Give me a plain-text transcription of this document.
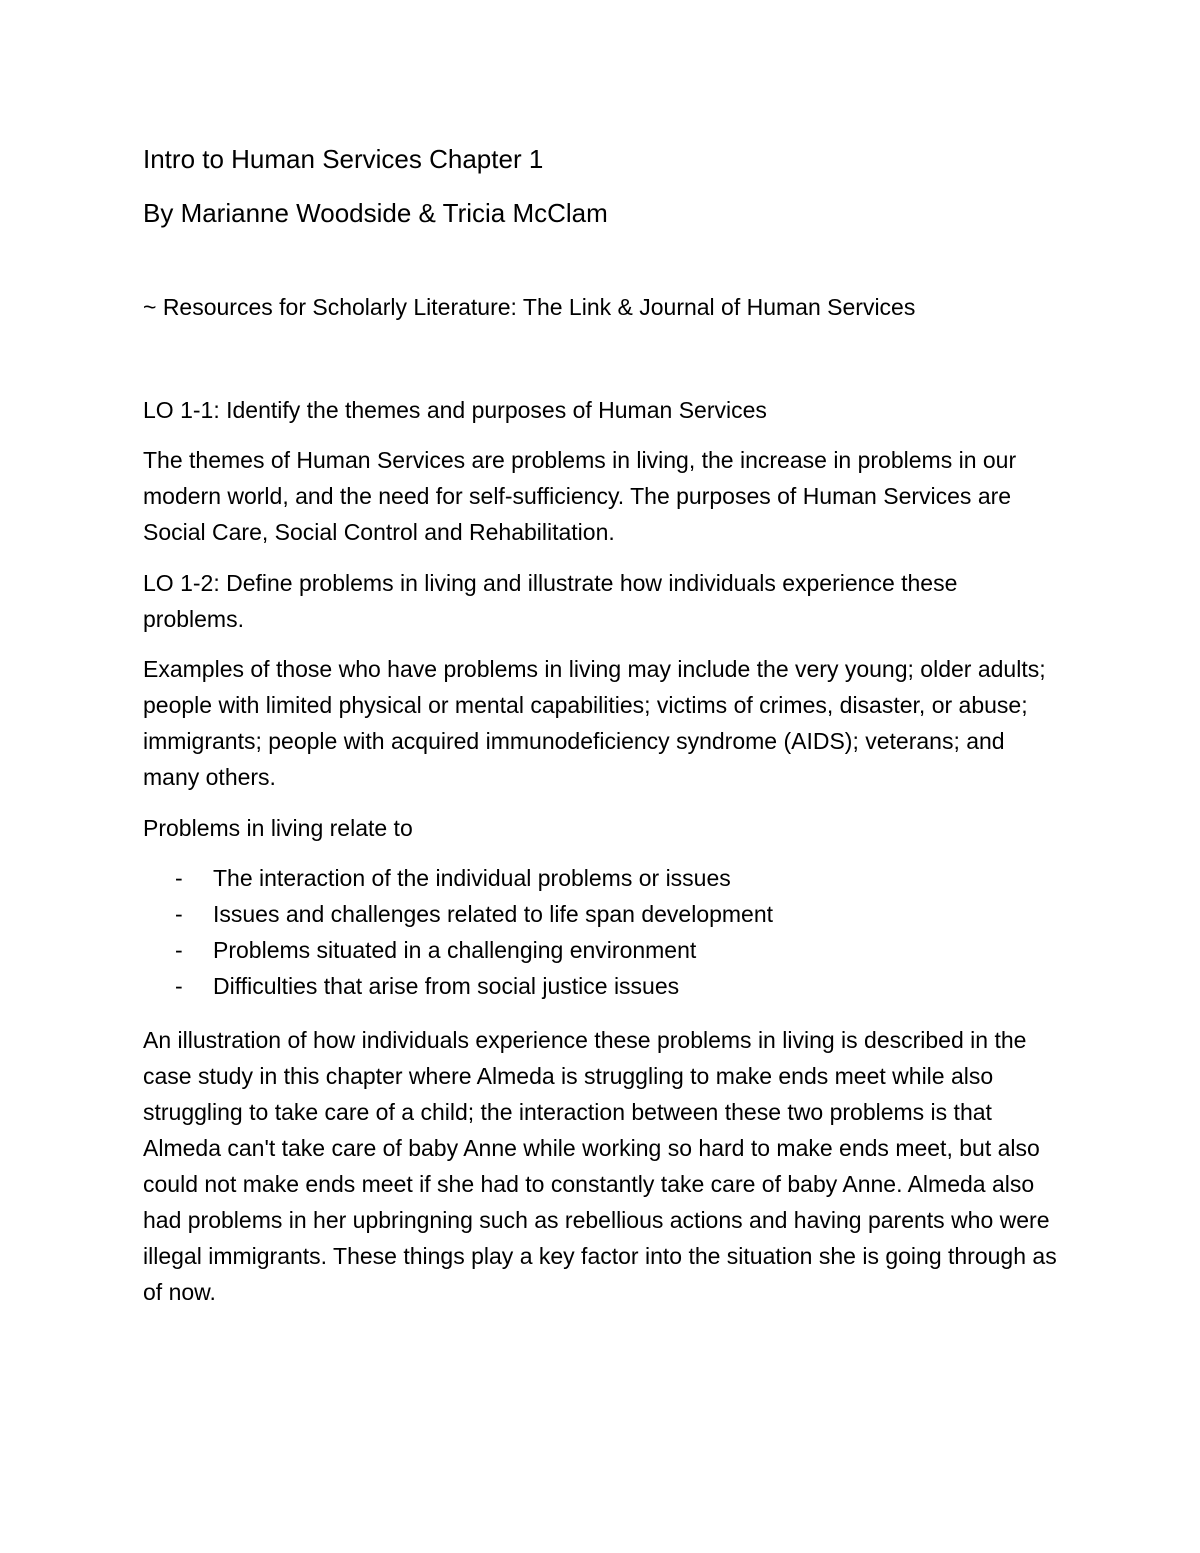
Intro to Human Services Chapter 1
By Marianne Woodside & Tricia McClam
~ Resources for Scholarly Literature: The Link & Journal of Human Services
LO 1-1: Identify the themes and purposes of Human Services
The themes of Human Services are problems in living, the increase in problems in our modern world, and the need for self-sufficiency. The purposes of Human Services are Social Care, Social Control and Rehabilitation.
LO 1-2: Define problems in living and illustrate how individuals experience these problems.
Examples of those who have problems in living may include the very young; older adults; people with limited physical or mental capabilities; victims of crimes, disaster, or abuse; immigrants; people with acquired immunodeficiency syndrome (AIDS); veterans; and many others.
Problems in living relate to
- The interaction of the individual problems or issues
- Issues and challenges related to life span development
- Problems situated in a challenging environment
- Difficulties that arise from social justice issues
An illustration of how individuals experience these problems in living is described in the case study in this chapter where Almeda is struggling to make ends meet while also struggling to take care of a child; the interaction between these two problems is that Almeda can't take care of baby Anne while working so hard to make ends meet, but also could not make ends meet if she had to constantly take care of baby Anne. Almeda also had problems in her upbringning such as rebellious actions and having parents who were illegal immigrants. These things play a key factor into the situation she is going through as of now.
